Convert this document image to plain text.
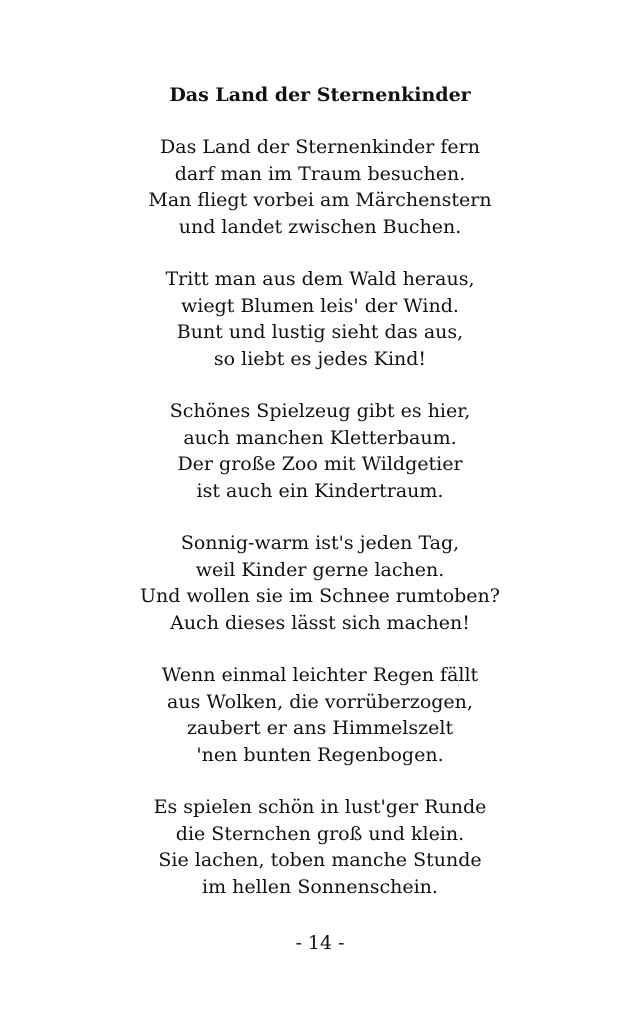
Das Land der Sternenkinder
Das Land der Sternenkinder fern
darf man im Traum besuchen.
Man fliegt vorbei am Märchenstern
und landet zwischen Buchen.
Tritt man aus dem Wald heraus,
wiegt Blumen leis' der Wind.
Bunt und lustig sieht das aus,
so liebt es jedes Kind!
Schönes Spielzeug gibt es hier,
auch manchen Kletterbaum.
Der große Zoo mit Wildgetier
ist auch ein Kindertraum.
Sonnig-warm ist's jeden Tag,
weil Kinder gerne lachen.
Und wollen sie im Schnee rumtoben?
Auch dieses lässt sich machen!
Wenn einmal leichter Regen fällt
aus Wolken, die vorrüberzogen,
zaubert er ans Himmelszelt
'nen bunten Regenbogen.
Es spielen schön in lust'ger Runde
die Sternchen groß und klein.
Sie lachen, toben manche Stunde
im hellen Sonnenschein.
- 14 -
